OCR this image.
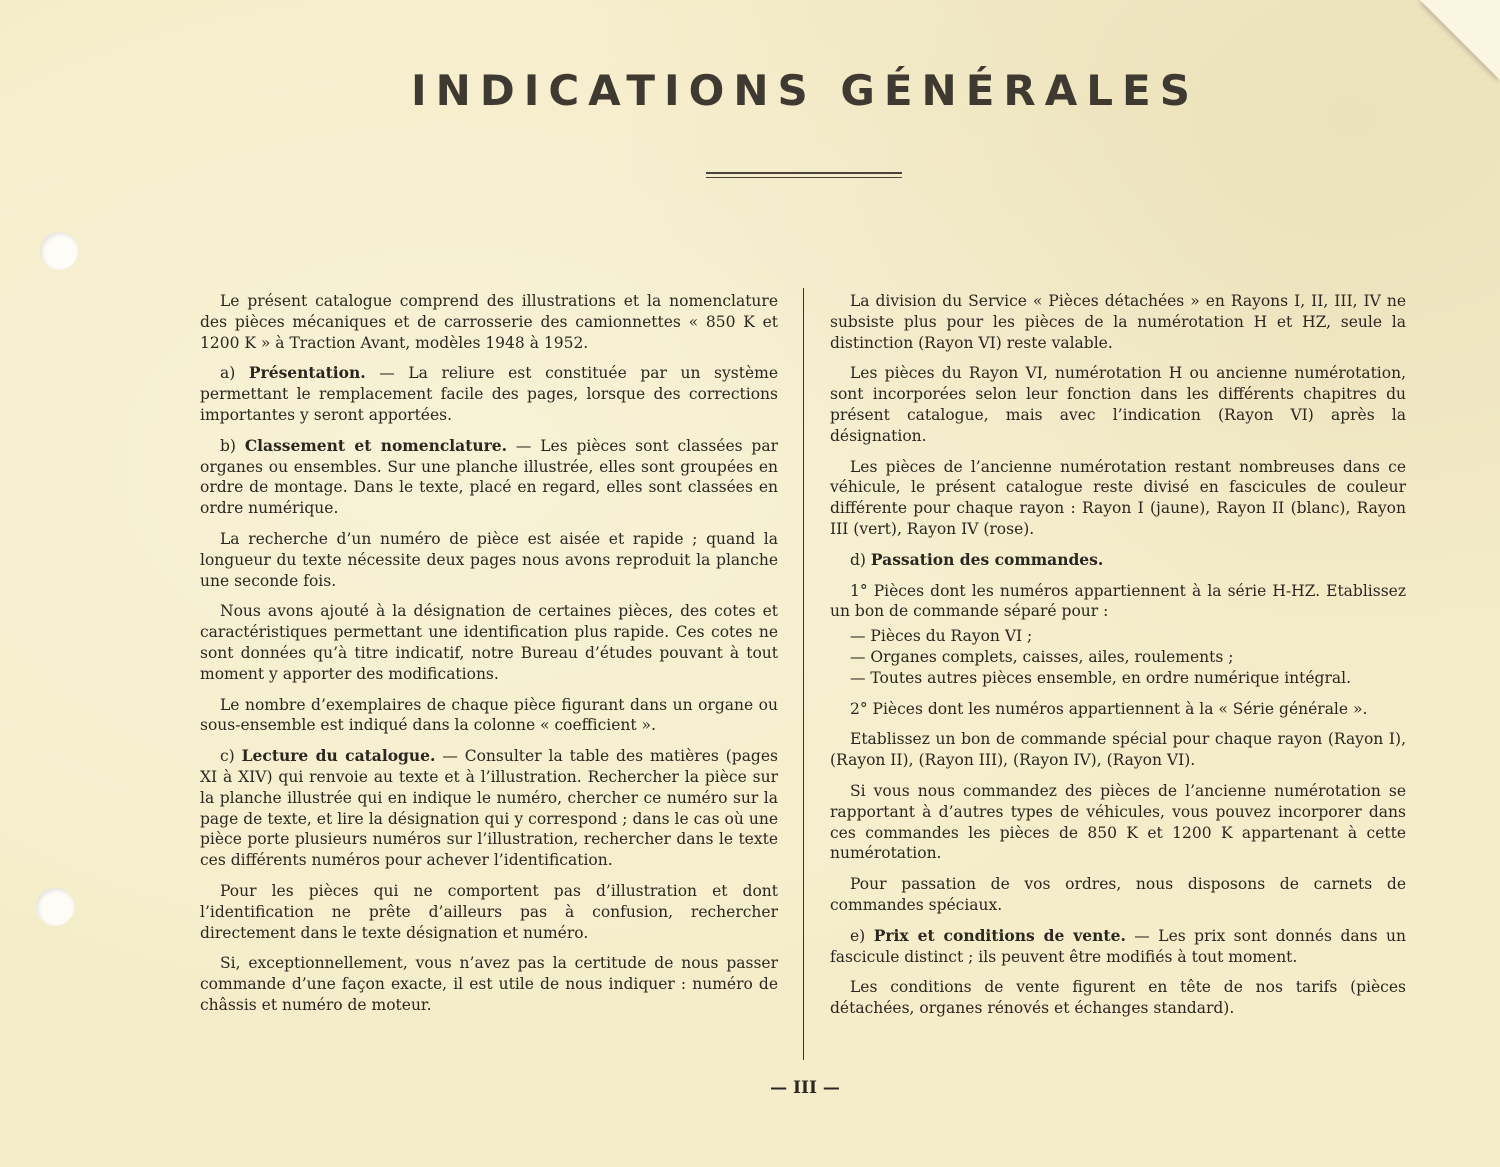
INDICATIONS GÉNÉRALES

Le présent catalogue comprend des illustrations et la nomenclature des pièces mécaniques et de carrosserie des camionnettes « 850 K et 1200 K » à Traction Avant, modèles 1948 à 1952.

a) Présentation. — La reliure est constituée par un système permettant le remplacement facile des pages, lorsque des corrections importantes y seront apportées.

b) Classement et nomenclature. — Les pièces sont classées par organes ou ensembles. Sur une planche illustrée, elles sont groupées en ordre de montage. Dans le texte, placé en regard, elles sont classées en ordre numérique.

La recherche d’un numéro de pièce est aisée et rapide ; quand la longueur du texte nécessite deux pages nous avons reproduit la planche une seconde fois.

Nous avons ajouté à la désignation de certaines pièces, des cotes et caractéristiques permettant une identification plus rapide. Ces cotes ne sont données qu’à titre indicatif, notre Bureau d’études pouvant à tout moment y apporter des modifications.

Le nombre d’exemplaires de chaque pièce figurant dans un organe ou sous-ensemble est indiqué dans la colonne « coefficient ».

c) Lecture du catalogue. — Consulter la table des matières (pages XI à XIV) qui renvoie au texte et à l’illustration. Rechercher la pièce sur la planche illustrée qui en indique le numéro, chercher ce numéro sur la page de texte, et lire la désignation qui y correspond ; dans le cas où une pièce porte plusieurs numéros sur l’illustration, rechercher dans le texte ces différents numéros pour achever l’identification.

Pour les pièces qui ne comportent pas d’illustration et dont l’identification ne prête d’ailleurs pas à confusion, rechercher directement dans le texte désignation et numéro.

Si, exceptionnellement, vous n’avez pas la certitude de nous passer commande d’une façon exacte, il est utile de nous indiquer : numéro de châssis et numéro de moteur.

La division du Service « Pièces détachées » en Rayons I, II, III, IV ne subsiste plus pour les pièces de la numérotation H et HZ, seule la distinction (Rayon VI) reste valable.

Les pièces du Rayon VI, numérotation H ou ancienne numérotation, sont incorporées selon leur fonction dans les différents chapitres du présent catalogue, mais avec l’indication (Rayon VI) après la désignation.

Les pièces de l’ancienne numérotation restant nombreuses dans ce véhicule, le présent catalogue reste divisé en fascicules de couleur différente pour chaque rayon : Rayon I (jaune), Rayon II (blanc), Rayon III (vert), Rayon IV (rose).

d) Passation des commandes.

1° Pièces dont les numéros appartiennent à la série H-HZ. Etablissez un bon de commande séparé pour :

— Pièces du Rayon VI ;

— Organes complets, caisses, ailes, roulements ;

— Toutes autres pièces ensemble, en ordre numérique intégral.

2° Pièces dont les numéros appartiennent à la « Série générale ».

Etablissez un bon de commande spécial pour chaque rayon (Rayon I), (Rayon II), (Rayon III), (Rayon IV), (Rayon VI).

Si vous nous commandez des pièces de l’ancienne numérotation se rapportant à d’autres types de véhicules, vous pouvez incorporer dans ces commandes les pièces de 850 K et 1200 K appartenant à cette numérotation.

Pour passation de vos ordres, nous disposons de carnets de commandes spéciaux.

e) Prix et conditions de vente. — Les prix sont donnés dans un fascicule distinct ; ils peuvent être modifiés à tout moment.

Les conditions de vente figurent en tête de nos tarifs (pièces détachées, organes rénovés et échanges standard).

— III —
